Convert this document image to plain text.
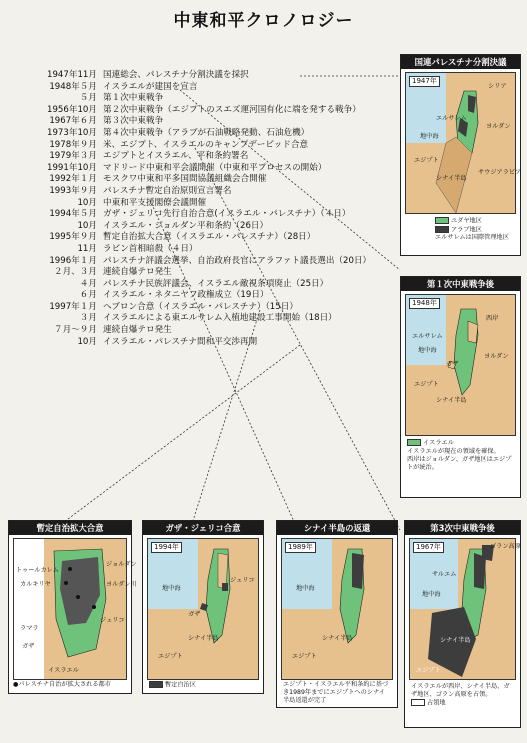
中東和平クロノロジー
1947年11月 国連総会、パレスチナ分割決議を採択
1948年５月 イスラエルが建国を宣言
５月 第１次中東戦争
1956年10月 第２次中東戦争（エジプトのスエズ運河国有化に端を発する戦争）
1967年６月 第３次中東戦争
1973年10月 第４次中東戦争（アラブが石油戦略発動、石油危機）
1978年９月 米、エジプト、イスラエルのキャンプデービッド合意
1979年３月 エジプトとイスラエル、平和条約署名
1991年10月 マドリード中東和平会議開催（中東和平プロセスの開始）
1992年１月 モスクワ中東和平多国間協議組織会合開催
1993年９月 パレスチナ暫定自治原則宣言署名
10月 中東和平支援閣僚会議開催
1994年５月 ガザ・ジェリコ先行自治合意(イスラエル・パレスチナ）（４日）
10月 イスラエル・ジョルダン平和条約（26日）
1995年９月 暫定自治拡大合意（イスラエル・パレスチナ）（28日）
11月 ラビン首相暗殺（４日）
1996年１月 パレスチナ評議会選挙、自治政府長官にアラファト議長選出（20日）
２月、３月 連続自爆テロ発生
４月 パレスチナ民族評議会、イスラエル敵視条項廃止（25日）
６月 イスラエル・ネタニヤフ政権成立（19日）
1997年１月 ヘブロン合意（イスラエル・パレスチナ）（15日）
３月 イスラエルによる東エルサレム入植地建設工事開始（18日）
７月～９月 連続自爆テロ発生
10月 イスラエル・パレスチナ間和平交渉再開
国連パレスチナ分割決議
1947年
シリア
エルサレム
地中海
ヨルダン
エジプト
シナイ半島
サウジアラビア
ユダヤ地区
アラブ地区
エルサレムは国際管理地区
第１次中東戦争後
1948年
エルサレム
地中海
西岸
ガザ
シナイ半島
エジプト
ヨルダン
イスラエル
イスラエルが現在の領域を確保。
西岸はジョルダン、ガザ地区はエジプトが統治。
暫定自治拡大合意
トゥールカレム
カルキリヤ
ラマラ
ジェリコ
ガザ
ヨルダン川
イスラエル
ジョルダン
●パレスチナ自治が拡大される都市
ガザ・ジェリコ合意
1994年
地中海
ガザ
ジェリコ
シナイ半島
エジプト
暫定自治区
シナイ半島の返還
1989年
地中海
シナイ半島
エジプト
エジプト・イスラエル平和条約に基づき1989年までにエジプトへのシナイ半島返還が完了
第3次中東戦争後
1967年	ゴラン高原
サルエム
地中海
シナイ半島
エジプト
イスラエルが西岸、シナイ半島、ガザ地区、ゴラン高原を占領。
占領地
